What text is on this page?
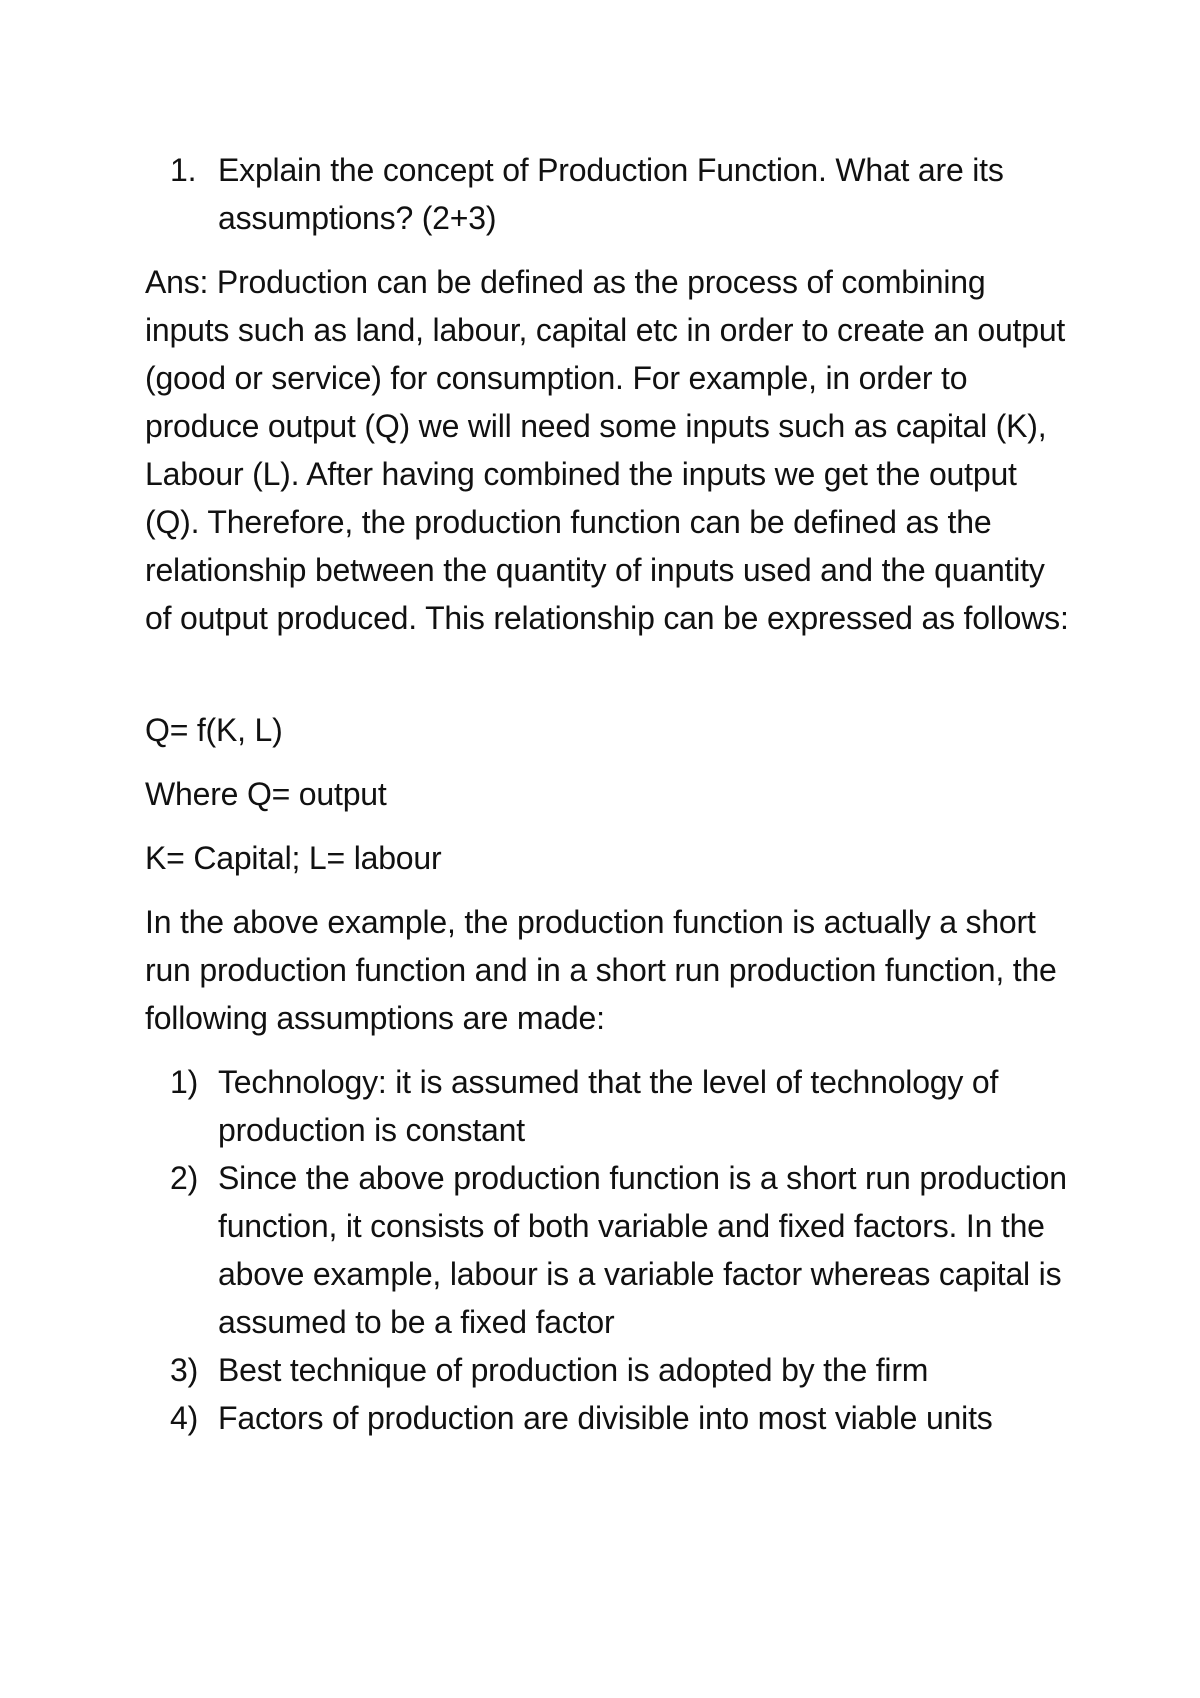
1. Explain the concept of Production Function. What are its assumptions? (2+3)

Ans: Production can be defined as the process of combining inputs such as land, labour, capital etc in order to create an output (good or service) for consumption. For example, in order to produce output (Q) we will need some inputs such as capital (K), Labour (L). After having combined the inputs we get the output (Q). Therefore, the production function can be defined as the relationship between the quantity of inputs used and the quantity of output produced. This relationship can be expressed as follows:

Q= f(K, L)

Where Q= output

K= Capital; L= labour

In the above example, the production function is actually a short run production function and in a short run production function, the following assumptions are made:

1) Technology: it is assumed that the level of technology of production is constant
2) Since the above production function is a short run production function, it consists of both variable and fixed factors. In the above example, labour is a variable factor whereas capital is assumed to be a fixed factor
3) Best technique of production is adopted by the firm
4) Factors of production are divisible into most viable units
